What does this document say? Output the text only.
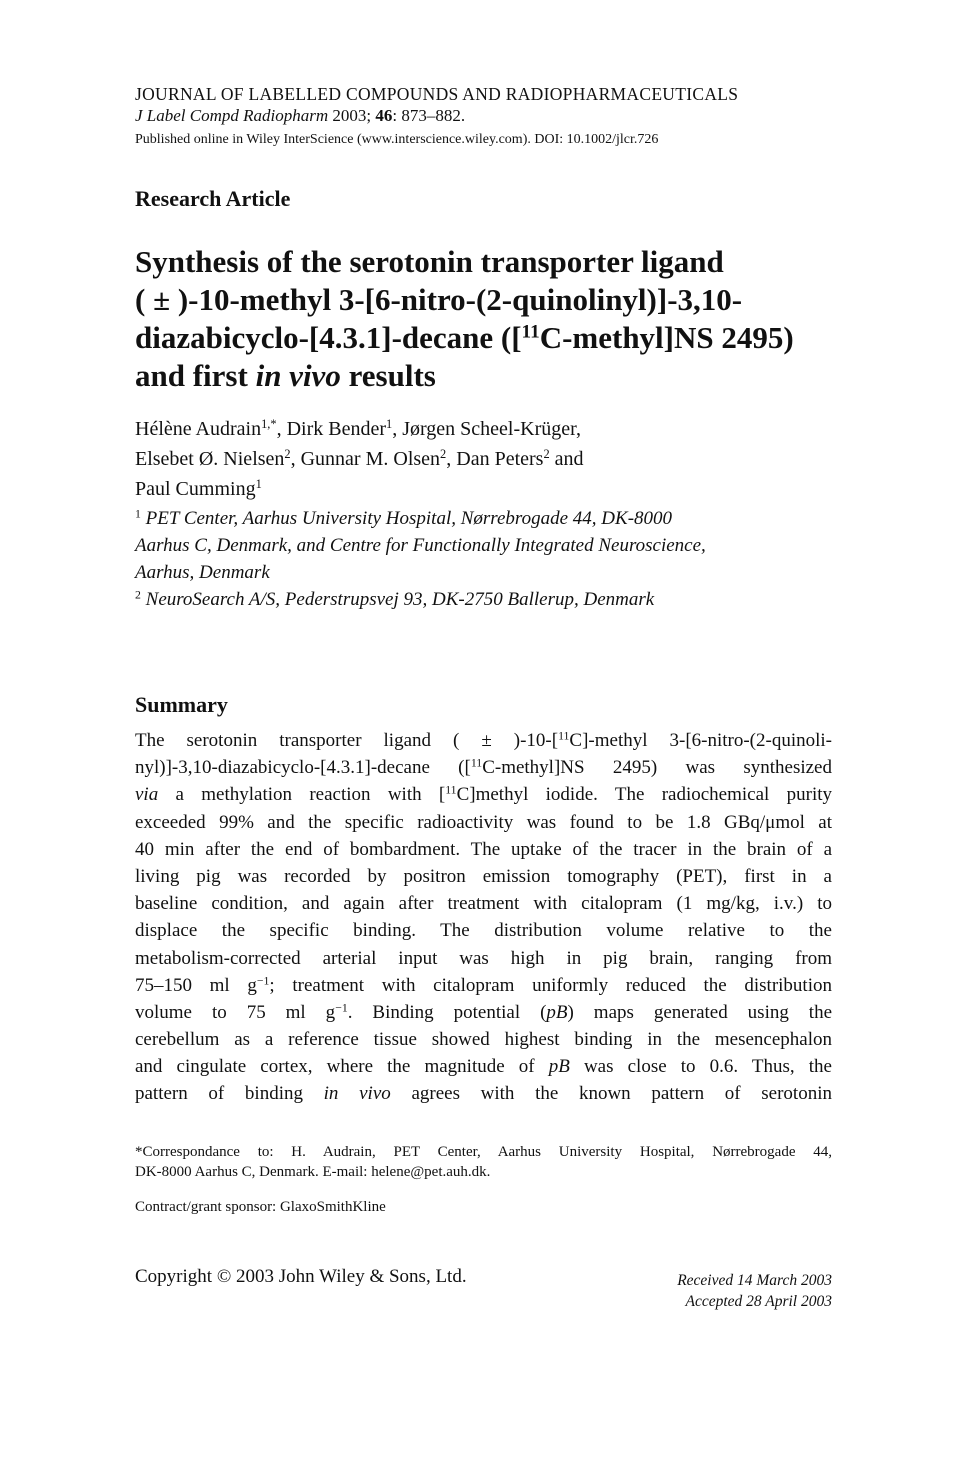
JOURNAL OF LABELLED COMPOUNDS AND RADIOPHARMACEUTICALS
J Label Compd Radiopharm 2003; 46: 873–882.
Published online in Wiley InterScience (www.interscience.wiley.com). DOI: 10.1002/jlcr.726
Research Article
Synthesis of the serotonin transporter ligand
( ± )-10-methyl 3-[6-nitro-(2-quinolinyl)]-3,10-
diazabicyclo-[4.3.1]-decane ([$^{11}$C-methyl]NS 2495)
and first in vivo results
Hélène Audrain$^{1,*}$, Dirk Bender$^1$, Jørgen Scheel-Krüger,
Elsebet Ø. Nielsen$^2$, Gunnar M. Olsen$^2$, Dan Peters$^2$ and
Paul Cumming$^1$
$^1$ PET Center, Aarhus University Hospital, Nørrebrogade 44, DK-8000
Aarhus C, Denmark, and Centre for Functionally Integrated Neuroscience,
Aarhus, Denmark
$^2$ NeuroSearch A/S, Pederstrupsvej 93, DK-2750 Ballerup, Denmark
Summary
The serotonin transporter ligand ( ± )-10-[$^{11}$C]-methyl 3-[6-nitro-(2-quinoli-
nyl)]-3,10-diazabicyclo-[4.3.1]-decane ([$^{11}$C-methyl]NS 2495) was synthesized
via a methylation reaction with [$^{11}$C]methyl iodide. The radiochemical purity
exceeded 99% and the specific radioactivity was found to be 1.8 GBq/μmol at
40 min after the end of bombardment. The uptake of the tracer in the brain of a
living pig was recorded by positron emission tomography (PET), first in a
baseline condition, and again after treatment with citalopram (1 mg/kg, i.v.) to
displace the specific binding. The distribution volume relative to the
metabolism-corrected arterial input was high in pig brain, ranging from
75–150 ml $g^{-1}$; treatment with citalopram uniformly reduced the distribution
volume to 75 ml $g^{-1}$. Binding potential (pB) maps generated using the
cerebellum as a reference tissue showed highest binding in the mesencephalon
and cingulate cortex, where the magnitude of pB was close to 0.6. Thus, the
pattern of binding in vivo agrees with the known pattern of serotonin
*Correspondance to: H. Audrain, PET Center, Aarhus University Hospital, Nørrebrogade 44,
DK-8000 Aarhus C, Denmark. E-mail: helene@pet.auh.dk.
Contract/grant sponsor: GlaxoSmithKline
Copyright © 2003 John Wiley & Sons, Ltd.	Received 14 March 2003
Accepted 28 April 2003
